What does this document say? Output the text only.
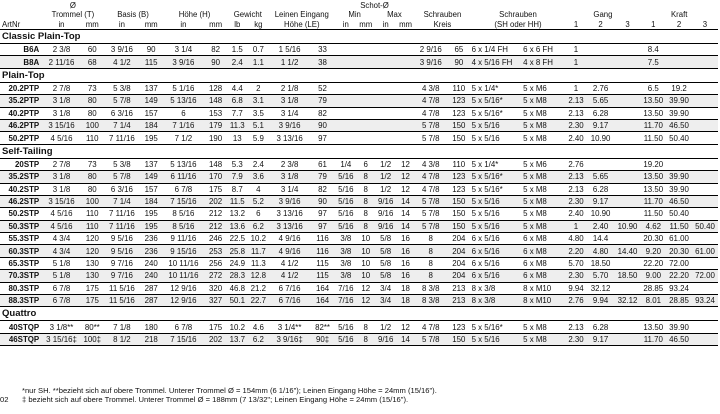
	Ø										Schot-Ø													
	Trommel (T)		Basis (B)		Höhe (H)		Gewicht		Leinen Eingang		Min		Max		Schrauben		Schrauben		Gang			Kraft		
ArtNr	in	mm	in	mm	in	mm	lb	kg	Höhe (LE)		in	mm	in	mm	Kreis		(SH oder HH)		1	2	3	1	2	3
Classic Plain-Top																								
B6A	2 3/8	60	3 9/16	90	3 1/4	82	1.5	0.7	1 5/16	33					2 9/16	65	6 x 1/4 FH	6 x 6 FH	1			8.4		
B8A	2 11/16	68	4 1/2	115	3 9/16	90	2.4	1.1	1 1/2	38					3 9/16	90	4 x 5/16 FH	4 x 8 FH	1			7.5		
Plain-Top																								
20.2PTP	2 7/8	73	5 3/8	137	5 1/16	128	4.4	2	2 1/8	52					4 3/8	110	5 x 1/4*	5 x M6	1	2.76		6.5	19.2	
35.2PTP	3 1/8	80	5 7/8	149	5 13/16	148	6.8	3.1	3 1/8	79					4 7/8	123	5 x 5/16*	5 x M8	2.13	5.65		13.50	39.90	
40.2PTP	3 1/8	80	6 3/16	157	6	153	7.7	3.5	3 1/4	82					4 7/8	123	5 x 5/16*	5 x M8	2.13	6.28		13.50	39.90	
46.2PTP	3 15/16	100	7 1/4	184	7 1/16	179	11.3	5.1	3 9/16	90					5 7/8	150	5 x 5/16	5 x M8	2.30	9.17		11.70	46.50	
50.2PTP	4 5/16	110	7 11/16	195	7 1/2	190	13	5.9	3 13/16	97					5 7/8	150	5 x 5/16	5 x M8	2.40	10.90		11.50	50.40	
Self-Tailing																								
20STP	2 7/8	73	5 3/8	137	5 13/16	148	5.3	2.4	2 3/8	61	1/4	6	1/2	12	4 3/8	110	5 x 1/4*	5 x M6	2.76			19.20		
35.2STP	3 1/8	80	5 7/8	149	6 11/16	170	7.9	3.6	3 1/8	79	5/16	8	1/2	12	4 7/8	123	5 x 5/16*	5 x M8	2.13	5.65		13.50	39.90	
40.2STP	3 1/8	80	6 3/16	157	6 7/8	175	8.7	4	3 1/4	82	5/16	8	1/2	12	4 7/8	123	5 x 5/16*	5 x M8	2.13	6.28		13.50	39.90	
46.2STP	3 15/16	100	7 1/4	184	7 15/16	202	11.5	5.2	3 9/16	90	5/16	8	9/16	14	5 7/8	150	5 x 5/16	5 x M8	2.30	9.17		11.70	46.50	
50.2STP	4 5/16	110	7 11/16	195	8 5/16	212	13.2	6	3 13/16	97	5/16	8	9/16	14	5 7/8	150	5 x 5/16	5 x M8	2.40	10.90		11.50	50.40	
50.3STP	4 5/16	110	7 11/16	195	8 5/16	212	13.6	6.2	3 13/16	97	5/16	8	9/16	14	5 7/8	150	5 x 5/16	5 x M8	1	2.40	10.90	4.62	11.50	50.40
55.3STP	4 3/4	120	9 5/16	236	9 11/16	246	22.5	10.2	4 9/16	116	3/8	10	5/8	16	8	204	6 x 5/16	6 x M8	4.80	14.4		20.30	61.00	
60.3STP	4 3/4	120	9 5/16	236	9 15/16	253	25.8	11.7	4 9/16	116	3/8	10	5/8	16	8	204	6 x 5/16	6 x M8	2.20	4.80	14.40	9.20	20.30	61.00
65.3STP	5 1/8	130	9 7/16	240	10 11/16	256	24.9	11.3	4 1/2	115	3/8	10	5/8	16	8	204	6 x 5/16	6 x M8	5.70	18.50		22.20	72.00	
70.3STP	5 1/8	130	9 7/16	240	10 11/16	272	28.3	12.8	4 1/2	115	3/8	10	5/8	16	8	204	6 x 5/16	6 x M8	2.30	5.70	18.50	9.00	22.20	72.00
80.3STP	6 7/8	175	11 5/16	287	12 9/16	320	46.8	21.2	6 7/16	164	7/16	12	3/4	18	8 3/8	213	8 x 3/8	8 x M10	9.94	32.12		28.85	93.24	
88.3STP	6 7/8	175	11 5/16	287	12 9/16	327	50.1	22.7	6 7/16	164	7/16	12	3/4	18	8 3/8	213	8 x 3/8	8 x M10	2.76	9.94	32.12	8.01	28.85	93.24
Quattro																								
40STQP	3 1/8**	80**	7 1/8	180	6 7/8	175	10.2	4.6	3 1/4**	82**	5/16	8	1/2	12	4 7/8	123	5 x 5/16*	5 x M8	2.13	6.28		13.50	39.90	
46STQP	3 15/16‡	100‡	8 1/2	218	7 15/16	202	13.7	6.2	3 9/16‡	90‡	5/16	8	9/16	14	5 7/8	150	5 x 5/16	5 x M8	2.30	9.17		11.70	46.50	
*nur SH. **bezieht sich auf obere Trommel. Unterer Trommel Ø = 154mm (6 1/16"); Leinen Eingang Höhe = 24mm (15/16").
02 ‡ bezieht sich auf obere Trommel. Unterer Trommel Ø = 188mm (7 13/32"; Leinen Eingang Höhe = 24mm (15/16").
